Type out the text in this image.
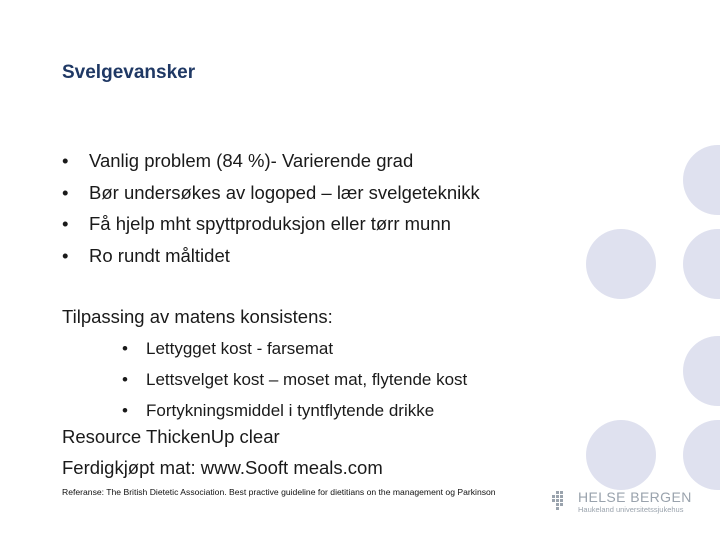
Svelgevansker
• Vanlig problem (84 %)- Varierende grad
• Bør undersøkes av logoped – lær svelgeteknikk
• Få hjelp mht spyttproduksjon eller tørr munn
• Ro rundt måltidet
Tilpassing av matens konsistens:
• Lettygget kost - farsemat
• Lettsvelget kost – moset mat, flytende kost
• Fortykningsmiddel i tyntflytende drikke
Resource ThickenUp clear
Ferdigkjøpt mat: www.Sooft meals.com
Referanse: The British Dietetic Association. Best practive guideline for dietitians on the management og Parkinson	HELSE BERGEN
Haukeland universitetssjukehus
